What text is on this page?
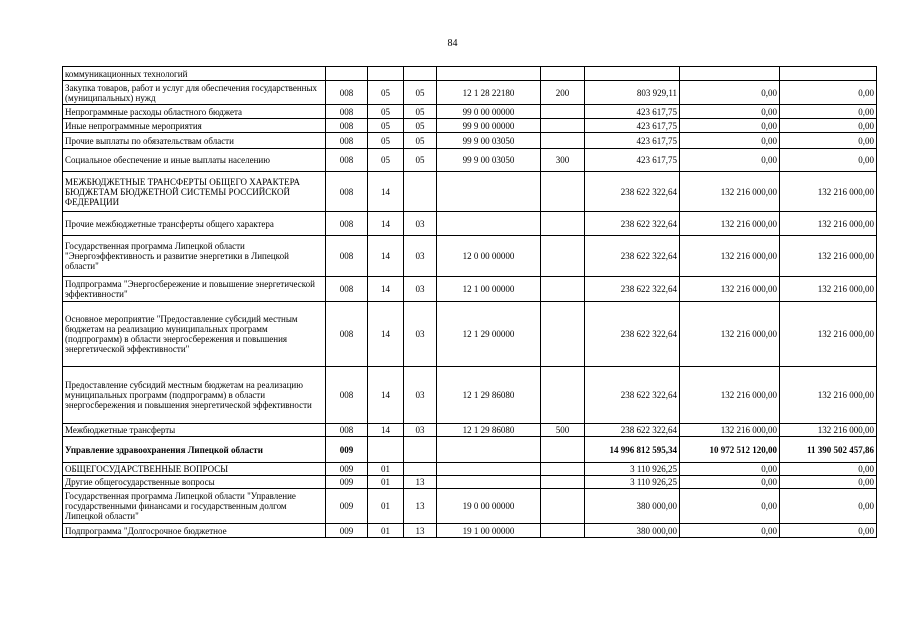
84
коммуникационных технологий								
Закупка товаров, работ и услуг для обеспечения государственных (муниципальных) нужд	008	05	05	12 1 28 22180	200	803 929,11	0,00	0,00
Непрограммные расходы областного бюджета	008	05	05	99 0 00 00000		423 617,75	0,00	0,00
Иные непрограммные мероприятия	008	05	05	99 9 00 00000		423 617,75	0,00	0,00
Прочие выплаты по обязательствам области	008	05	05	99 9 00 03050		423 617,75	0,00	0,00
Социальное обеспечение и иные выплаты населению	008	05	05	99 9 00 03050	300	423 617,75	0,00	0,00
МЕЖБЮДЖЕТНЫЕ ТРАНСФЕРТЫ ОБЩЕГО ХАРАКТЕРА БЮДЖЕТАМ БЮДЖЕТНОЙ СИСТЕМЫ РОССИЙСКОЙ ФЕДЕРАЦИИ	008	14				238 622 322,64	132 216 000,00	132 216 000,00
Прочие межбюджетные трансферты общего характера	008	14	03			238 622 322,64	132 216 000,00	132 216 000,00
Государственная программа Липецкой области "Энергоэффективность и развитие энергетики в Липецкой области"	008	14	03	12 0 00 00000		238 622 322,64	132 216 000,00	132 216 000,00
Подпрограмма "Энергосбережение и повышение энергетической эффективности"	008	14	03	12 1 00 00000		238 622 322,64	132 216 000,00	132 216 000,00
Основное мероприятие "Предоставление субсидий местным бюджетам на реализацию муниципальных программ (подпрограмм) в области энергосбережения и повышения энергетической эффективности"	008	14	03	12 1 29 00000		238 622 322,64	132 216 000,00	132 216 000,00
Предоставление субсидий местным бюджетам на реализацию муниципальных программ (подпрограмм) в области энергосбережения и повышения энергетической эффективности	008	14	03	12 1 29 86080		238 622 322,64	132 216 000,00	132 216 000,00
Межбюджетные трансферты	008	14	03	12 1 29 86080	500	238 622 322,64	132 216 000,00	132 216 000,00
Управление здравоохранения Липецкой области	009					14 996 812 595,34	10 972 512 120,00	11 390 502 457,86
ОБЩЕГОСУДАРСТВЕННЫЕ ВОПРОСЫ	009	01				3 110 926,25	0,00	0,00
Другие общегосударственные вопросы	009	01	13			3 110 926,25	0,00	0,00
Государственная программа Липецкой области "Управление государственными финансами и государственным долгом Липецкой области"	009	01	13	19 0 00 00000		380 000,00	0,00	0,00
Подпрограмма "Долгосрочное бюджетное	009	01	13	19 1 00 00000		380 000,00	0,00	0,00
